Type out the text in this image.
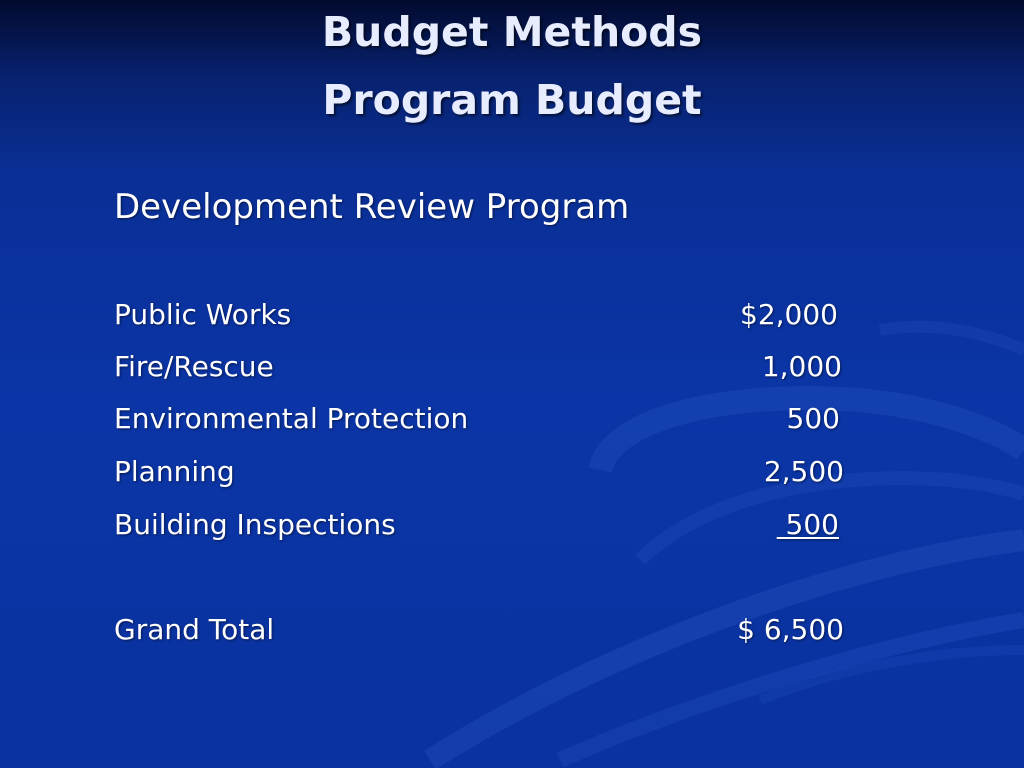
Budget Methods
Program Budget
Development Review Program
Public Works	$2,000
Fire/Rescue	1,000
Environmental Protection	500
Planning	2,500
Building Inspections	500
Grand Total	$ 6,500
